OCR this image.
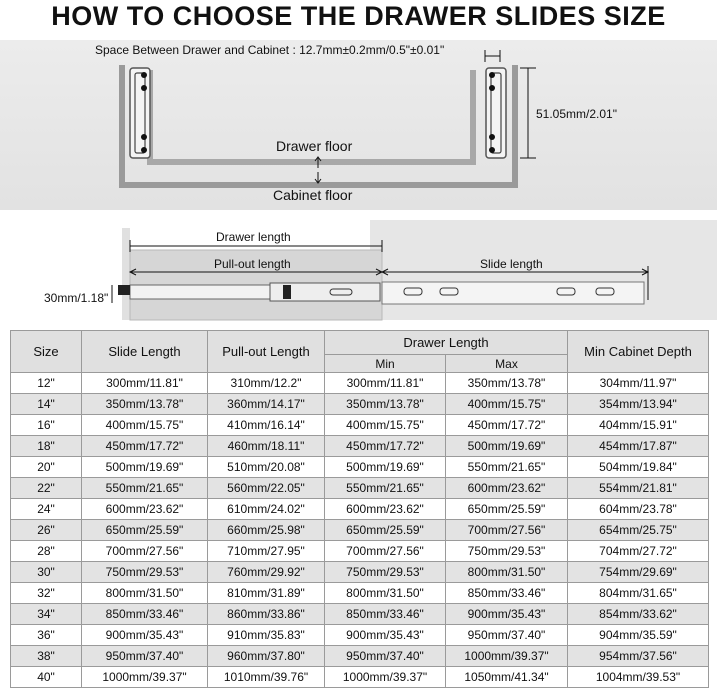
HOW TO CHOOSE THE DRAWER SLIDES SIZE
Space Between Drawer and Cabinet : 12.7mm±0.2mm/0.5"±0.01"
Drawer floor
Cabinet floor
51.05mm/2.01"
Drawer length
Pull-out length	Slide length
30mm/1.18"
Size	Slide Length	Pull-out Length	Drawer Length		Min Cabinet Depth
			Min	Max	
12"	300mm/11.81"	310mm/12.2"	300mm/11.81"	350mm/13.78"	304mm/11.97"
14"	350mm/13.78"	360mm/14.17"	350mm/13.78"	400mm/15.75"	354mm/13.94"
16"	400mm/15.75"	410mm/16.14"	400mm/15.75"	450mm/17.72"	404mm/15.91"
18"	450mm/17.72"	460mm/18.11"	450mm/17.72"	500mm/19.69"	454mm/17.87"
20"	500mm/19.69"	510mm/20.08"	500mm/19.69"	550mm/21.65"	504mm/19.84"
22"	550mm/21.65"	560mm/22.05"	550mm/21.65"	600mm/23.62"	554mm/21.81"
24"	600mm/23.62"	610mm/24.02"	600mm/23.62"	650mm/25.59"	604mm/23.78"
26"	650mm/25.59"	660mm/25.98"	650mm/25.59"	700mm/27.56"	654mm/25.75"
28"	700mm/27.56"	710mm/27.95"	700mm/27.56"	750mm/29.53"	704mm/27.72"
30"	750mm/29.53"	760mm/29.92"	750mm/29.53"	800mm/31.50"	754mm/29.69"
32"	800mm/31.50"	810mm/31.89"	800mm/31.50"	850mm/33.46"	804mm/31.65"
34"	850mm/33.46"	860mm/33.86"	850mm/33.46"	900mm/35.43"	854mm/33.62"
36"	900mm/35.43"	910mm/35.83"	900mm/35.43"	950mm/37.40"	904mm/35.59"
38"	950mm/37.40"	960mm/37.80"	950mm/37.40"	1000mm/39.37"	954mm/37.56"
40"	1000mm/39.37"	1010mm/39.76"	1000mm/39.37"	1050mm/41.34"	1004mm/39.53"
